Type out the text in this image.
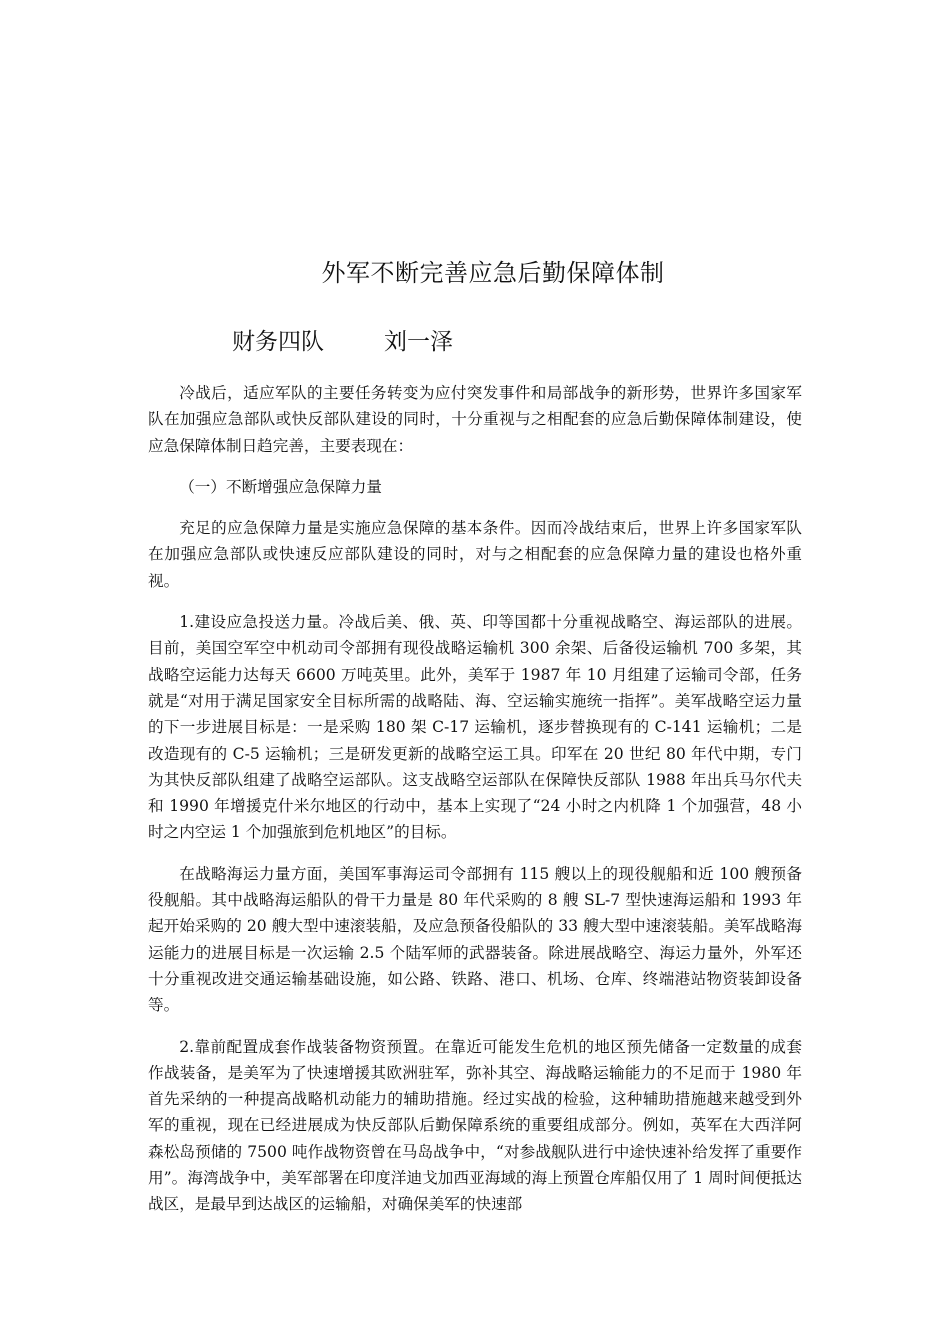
外军不断完善应急后勤保障体制
财务四队	刘一泽

冷战后，适应军队的主要任务转变为应付突发事件和局部战争的新形势，世界许多国家军队在加强应急部队或快反部队建设的同时，十分重视与之相配套的应急后勤保障体制建设，使应急保障体制日趋完善，主要表现在：

（一）不断增强应急保障力量

充足的应急保障力量是实施应急保障的基本条件。因而冷战结束后，世界上许多国家军队在加强应急部队或快速反应部队建设的同时，对与之相配套的应急保障力量的建设也格外重视。

1.建设应急投送力量。冷战后美、俄、英、印等国都十分重视战略空、海运部队的进展。目前，美国空军空中机动司令部拥有现役战略运输机 300 余架、后备役运输机 700 多架，其战略空运能力达每天 6600 万吨英里。此外，美军于 1987 年 10 月组建了运输司令部，任务就是“对用于满足国家安全目标所需的战略陆、海、空运输实施统一指挥”。美军战略空运力量的下一步进展目标是：一是采购 180 架 C-17 运输机，逐步替换现有的 C-141 运输机；二是改造现有的 C-5 运输机；三是研发更新的战略空运工具。印军在 20 世纪 80 年代中期，专门为其快反部队组建了战略空运部队。这支战略空运部队在保障快反部队 1988 年出兵马尔代夫和 1990 年增援克什米尔地区的行动中，基本上实现了“24 小时之内机降 1 个加强营，48 小时之内空运 1 个加强旅到危机地区”的目标。

在战略海运力量方面，美国军事海运司令部拥有 115 艘以上的现役舰船和近 100 艘预备役舰船。其中战略海运船队的骨干力量是 80 年代采购的 8 艘 SL-7 型快速海运船和 1993 年起开始采购的 20 艘大型中速滚装船，及应急预备役船队的 33 艘大型中速滚装船。美军战略海运能力的进展目标是一次运输 2.5 个陆军师的武器装备。除进展战略空、海运力量外，外军还十分重视改进交通运输基础设施，如公路、铁路、港口、机场、仓库、终端港站物资装卸设备等。

2.靠前配置成套作战装备物资预置。在靠近可能发生危机的地区预先储备一定数量的成套作战装备，是美军为了快速增援其欧洲驻军，弥补其空、海战略运输能力的不足而于 1980 年首先采纳的一种提高战略机动能力的辅助措施。经过实战的检验，这种辅助措施越来越受到外军的重视，现在已经进展成为快反部队后勤保障系统的重要组成部分。例如，英军在大西洋阿森松岛预储的 7500 吨作战物资曾在马岛战争中，“对参战舰队进行中途快速补给发挥了重要作用”。海湾战争中，美军部署在印度洋迪戈加西亚海域的海上预置仓库船仅用了 1 周时间便抵达战区，是最早到达战区的运输船，对确保美军的快速部
